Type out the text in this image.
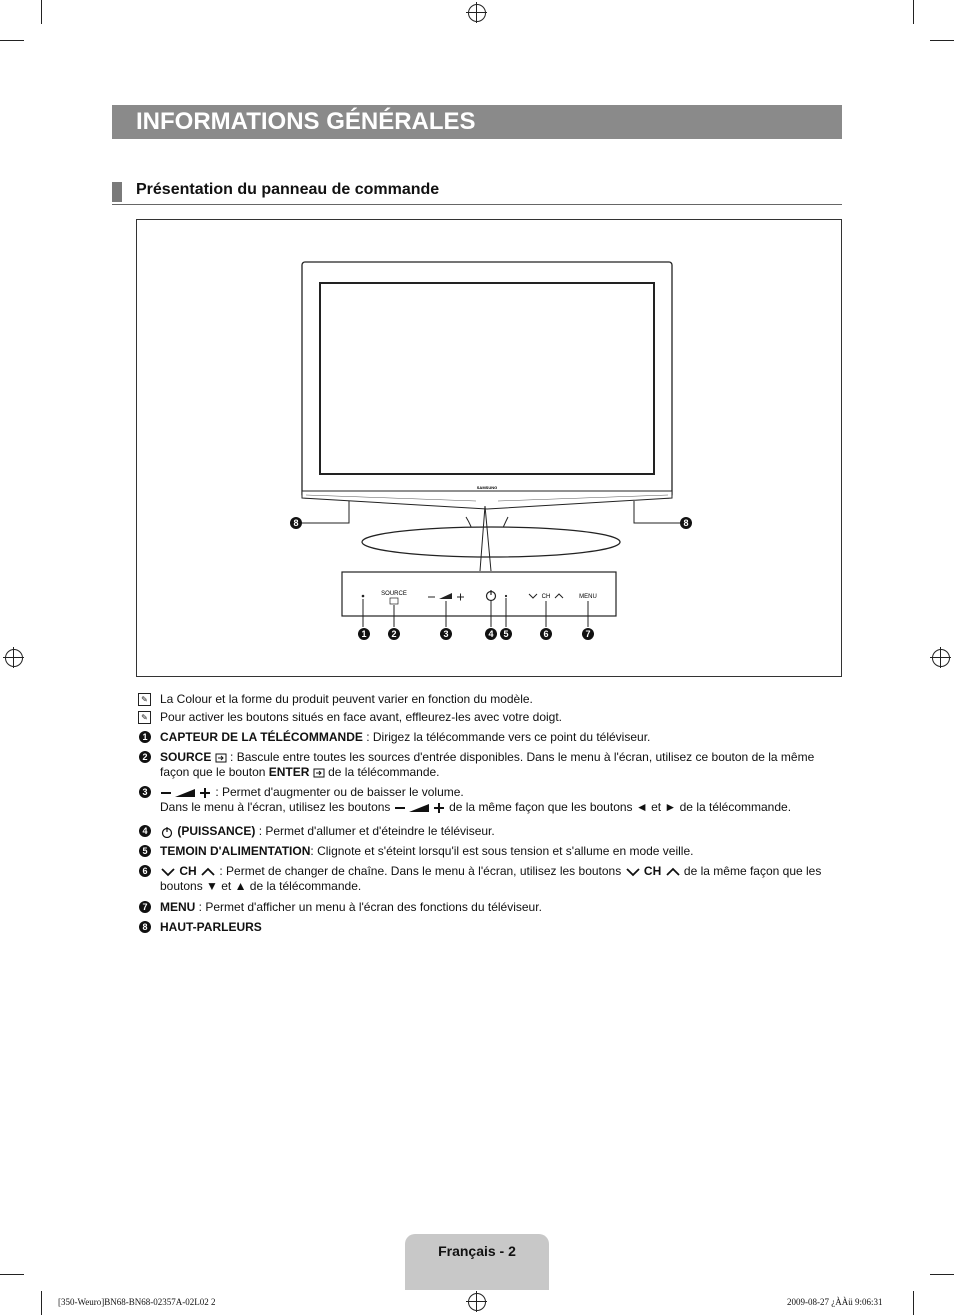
INFORMATIONS GÉNÉRALES
Présentation du panneau de commande
SAMSUNG
SOURCE	CH	MENU
1	2	3	4 5	6	7
8	8
✎ La Colour et la forme du produit peuvent varier en fonction du modèle.
✎ Pour activer les boutons situés en face avant, effleurez-les avec votre doigt.
1 CAPTEUR DE LA TÉLÉCOMMANDE : Dirigez la télécommande vers ce point du téléviseur.
2 SOURCE  : Bascule entre toutes les sources d'entrée disponibles. Dans le menu à l'écran, utilisez ce bouton de la même façon que le bouton ENTER  de la télécommande.
3	: Permet d'augmenter ou de baisser le volume.
Dans le menu à l'écran, utilisez les boutons	de la même façon que les boutons ◄ et ► de la télécommande.
4	(PUISSANCE) : Permet d'allumer et d'éteindre le téléviseur.
5 TEMOIN D'ALIMENTATION: Clignote et s'éteint lorsqu'il est sous tension et s'allume en mode veille.
6	CH  : Permet de changer de chaîne. Dans le menu à l'écran, utilisez les boutons  CH  de la même façon que les boutons ▼ et ▲ de la télécommande.
7 MENU : Permet d'afficher un menu à l'écran des fonctions du téléviseur.
8 HAUT-PARLEURS
Français - 2
[350-Weuro]BN68-BN68-02357A-02L02 2	2009-08-27 ¿ÀÀü 9:06:31
